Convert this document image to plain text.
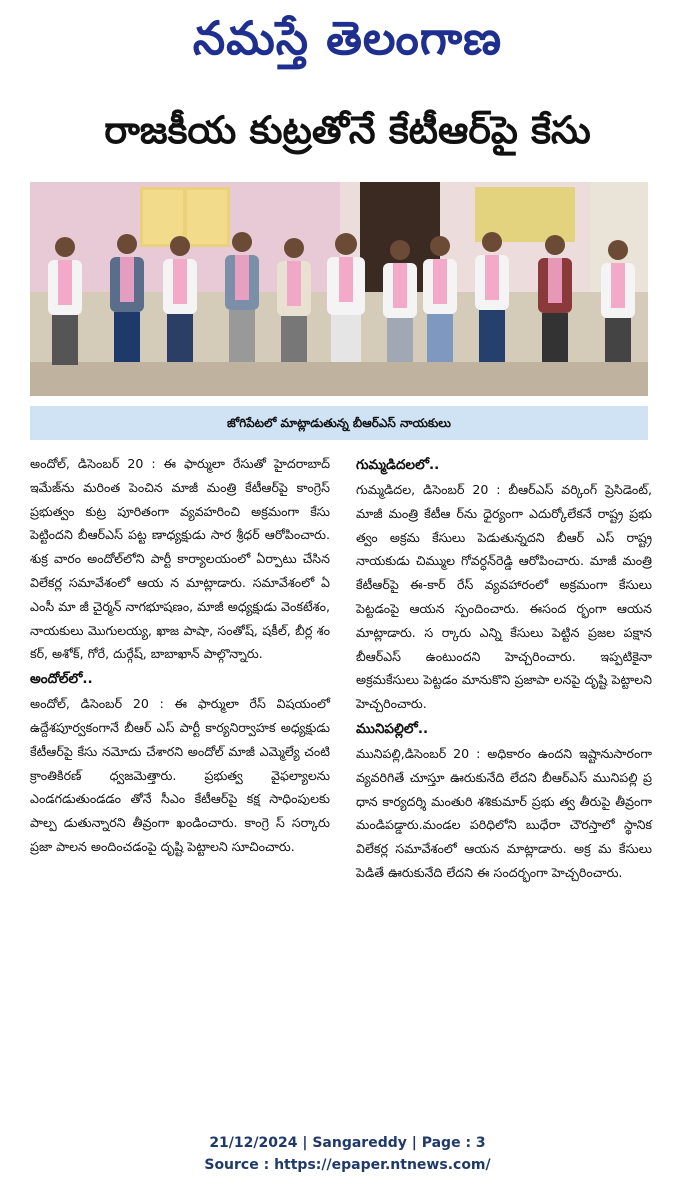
నమస్తే తెలంగాణ
రాజకీయ కుట్రతోనే కేటీఆర్‌పై కేసు
జోగిపేటలో మాట్లాడుతున్న బీఆర్ఎస్ నాయకులు

అందోల్, డిసెంబర్ 20 : ఈ ఫార్ములా రేసుతో హైదరాబాద్ ఇమేజ్‌ను మరింత పెంచిన మాజీ మంత్రి కేటీఆర్‌పై కాంగ్రెస్ ప్రభుత్వం కుట్ర పూరితంగా వ్యవహరించి అక్రమంగా కేసు పెట్టిందని బీఆర్ఎస్ పట్ట ణాధ్యక్షుడు సార శ్రీధర్ ఆరోపించారు. శుక్ర వారం అందోల్‌లోని పార్టీ కార్యాలయంలో ఏర్పాటు చేసిన విలేకర్ల సమావేశంలో ఆయ న మాట్లాడారు. సమావేశంలో ఏ ఎంసీ మా జీ చైర్మన్ నాగభూషణం, మాజీ అధ్యక్షుడు వెంకటేశం, నాయకులు మొగులయ్య, ఖాజ పాషా, సంతోష్, షకీల్, బీర్ల శం కర్, అశోక్, గోరే, దుర్గేష్, బాబాఖాన్ పాల్గొన్నారు.

అందోల్‌లో..

అందోల్, డిసెంబర్ 20 : ఈ ఫార్ములా రేస్ విషయంలో ఉద్దేశపూర్వకంగానే బీఆర్ ఎస్ పార్టీ కార్యనిర్వాహక అధ్యక్షుడు కేటీఆర్‌పై కేసు నమోదు చేశారని అందోల్ మాజీ ఎమ్మెల్యే చంటి క్రాంతికిరణ్ ధ్వజమెత్తారు. ప్రభుత్వ వైఫల్యాలను ఎండగడుతుండడం తోనే సీఎం కేటీఆర్‌పై కక్ష సాధింపులకు పాల్ప డుతున్నారని తీవ్రంగా ఖండించారు. కాంగ్రె స్ సర్కారు ప్రజా పాలన అందించడంపై దృష్టి పెట్టాలని సూచించారు.

గుమ్మడిదలలో..

గుమ్మడిదల, డిసెంబర్ 20 : బీఆర్ఎస్ వర్కింగ్ ప్రెసిడెంట్, మాజీ మంత్రి కేటీఆ ర్‌ను ధైర్యంగా ఎదుర్కోలేకనే రాష్ట్ర ప్రభు త్వం అక్రమ కేసులు పెడుతున్నదని బీఆర్ ఎస్ రాష్ట్ర నాయకుడు చిమ్ముల గోవర్ధన్‌రెడ్డి ఆరోపించారు. మాజీ మంత్రి కేటీఆర్‌పై ఈ-కార్ రేస్ వ్యవహారంలో అక్రమంగా కేసులు పెట్టడంపై ఆయన స్పందించారు. ఈసంద ర్భంగా ఆయన మాట్లాడారు. స ర్కారు ఎన్ని కేసులు పెట్టిన ప్రజల పక్షాన బీఆర్ఎస్ ఉంటుందని హెచ్చరించారు. ఇప్పటికైనా అక్రమకేసులు పెట్టడం మానుకొని ప్రజాపా లనపై దృష్టి పెట్టాలని హెచ్చరించారు.

మునిపల్లిలో..

మునిపల్లి,డిసెంబర్ 20 : అధికారం ఉందని ఇష్టానుసారంగా వ్యవరిగితే చూస్తూ ఊరుకునేది లేదని బీఆర్ఎస్ మునిపల్లి ప్ర ధాన కార్యదర్శి మంతురి శశికుమార్ ప్రభు త్వ తీరుపై తీవ్రంగా మండిపడ్డారు.మండల పరిధిలోని బుధేరా చౌరస్తాలో స్థానిక విలేకర్ల సమావేశంలో ఆయన మాట్లాడారు. అక్ర మ కేసులు పెడితే ఊరుకునేది లేదని ఈ సందర్భంగా హెచ్చరించారు.

21/12/2024 | Sangareddy | Page : 3
Source : https://epaper.ntnews.com/
